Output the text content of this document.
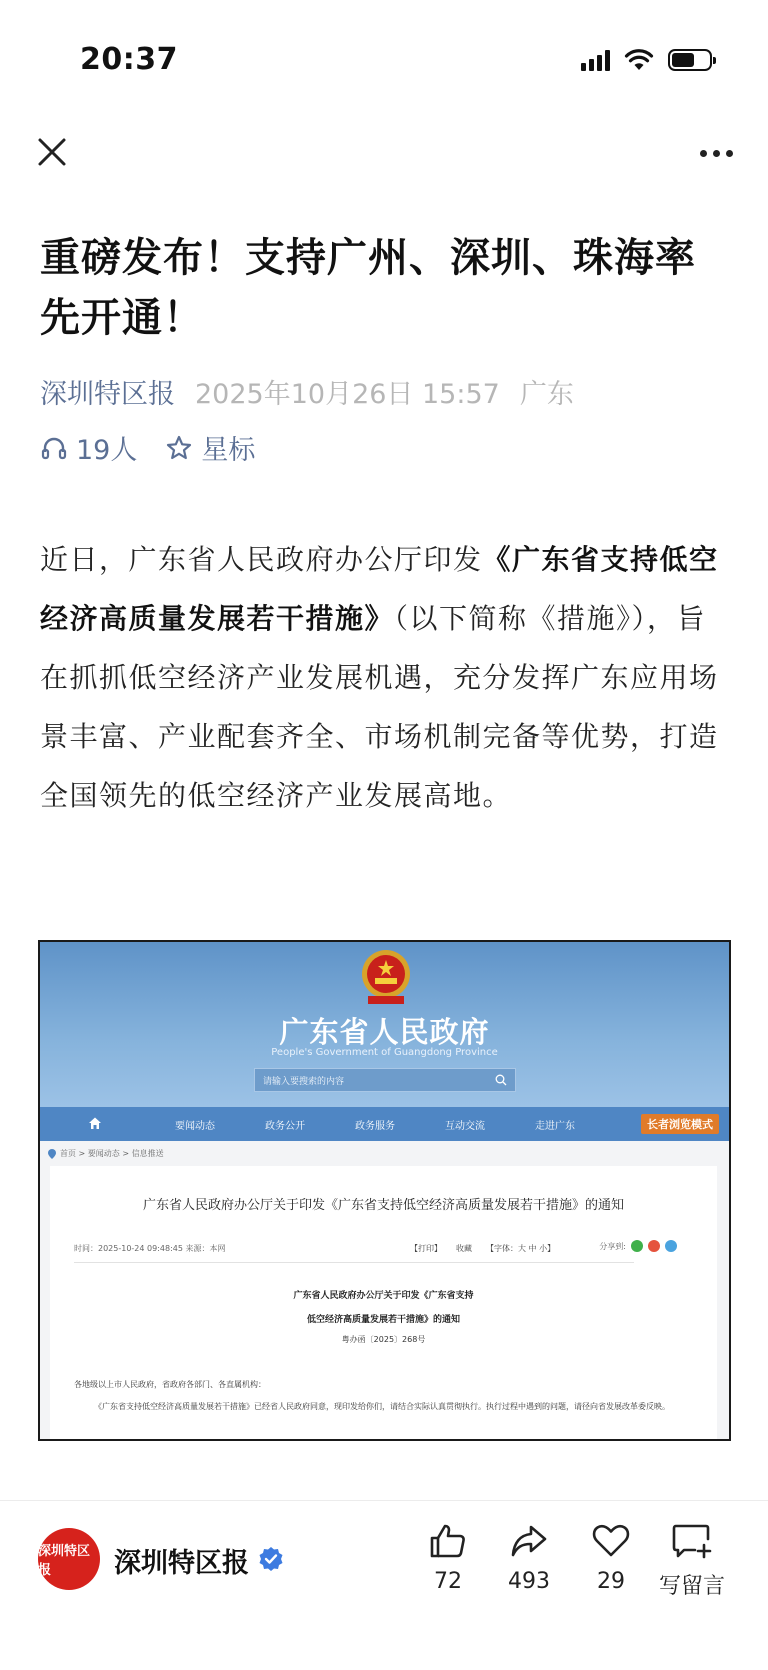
20:37
重磅发布！支持广州、深圳、珠海率先开通！
深圳特区报 2025年10月26日 15:57 广东
19人 星标

近日，广东省人民政府办公厅印发《广东省支持低空经济高质量发展若干措施》（以下简称《措施》），旨在抓抓低空经济产业发展机遇，充分发挥广东应用场景丰富、产业配套齐全、市场机制完备等优势，打造全国领先的低空经济产业发展高地。

广东省人民政府
People's Government of Guangdong Province
请输入要搜索的内容
要闻动态	政务公开	政务服务	互动交流	走进广东	长者浏览模式
首页 > 要闻动态 > 信息推送
广东省人民政府办公厅关于印发《广东省支持低空经济高质量发展若干措施》的通知
时间：2025-10-24 09:48:45 来源：本网	【打印】 收藏 【字体：大 中 小】	分享到:
广东省人民政府办公厅关于印发《广东省支持
低空经济高质量发展若干措施》的通知
粤办函〔2025〕268号
各地级以上市人民政府，省政府各部门、各直属机构：
《广东省支持低空经济高质量发展若干措施》已经省人民政府同意，现印发给你们，请结合实际认真贯彻执行。执行过程中遇到的问题，请径向省发展改革委反映。
深圳特区报	深圳特区报
72	493	29	写留言
